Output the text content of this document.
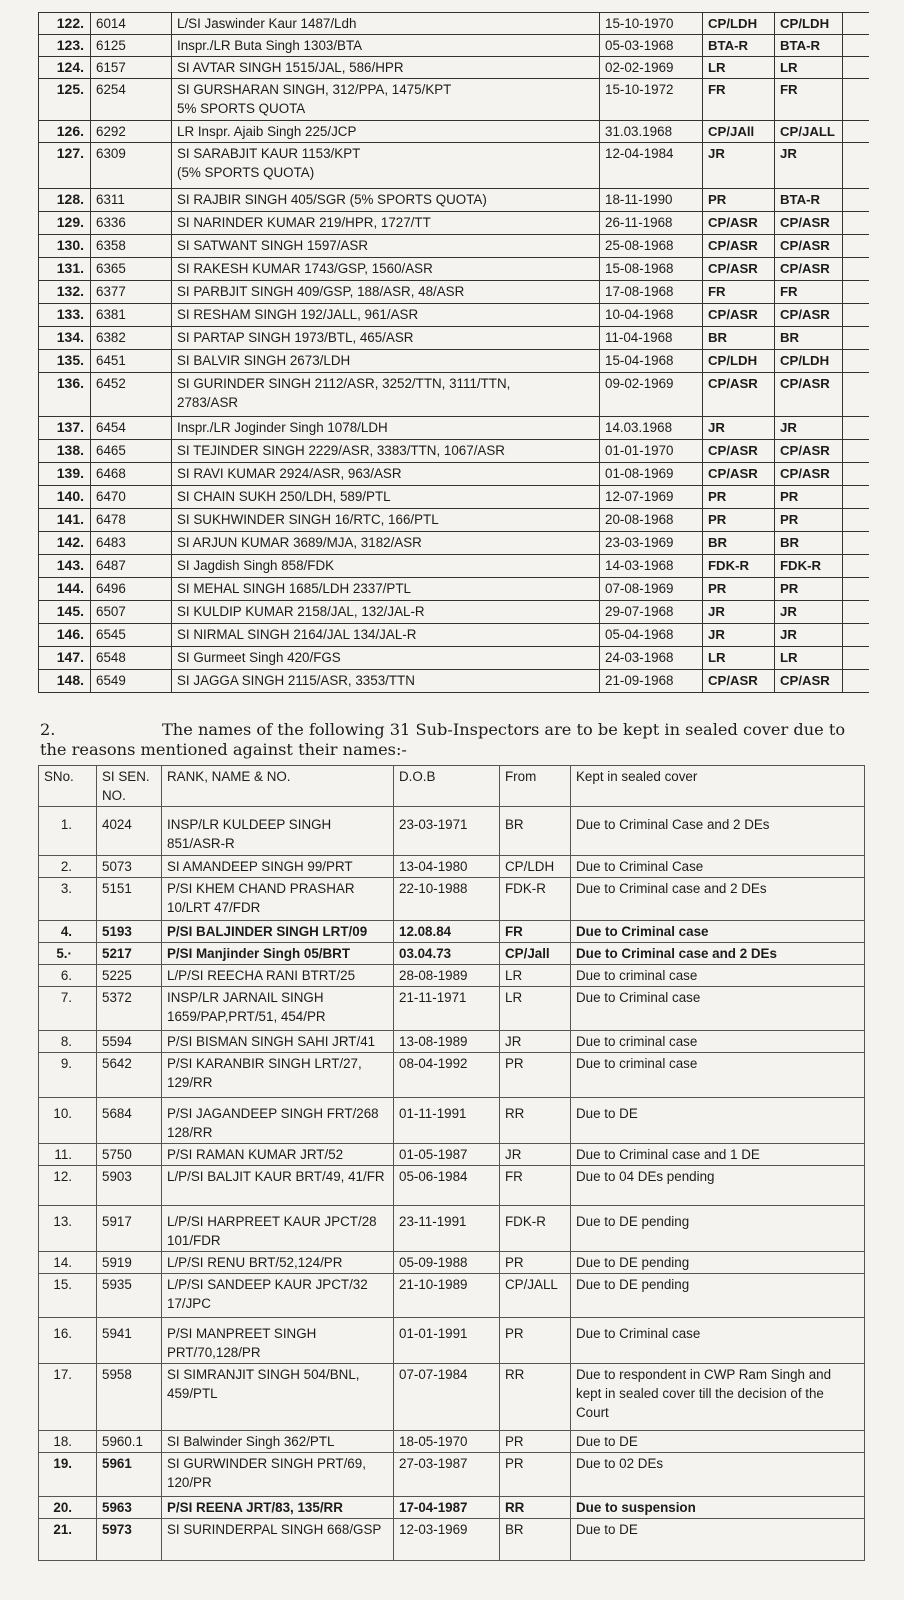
122.	6014	L/SI Jaswinder Kaur 1487/Ldh	15-10-1970	CP/LDH	CP/LDH	
123.	6125	Inspr./LR Buta Singh 1303/BTA	05-03-1968	BTA-R	BTA-R	
124.	6157	SI AVTAR SINGH 1515/JAL, 586/HPR	02-02-1969	LR	LR	
125.	6254	SI GURSHARAN SINGH, 312/PPA, 1475/KPT
5% SPORTS QUOTA	15-10-1972	FR	FR	
126.	6292	LR Inspr. Ajaib Singh 225/JCP	31.03.1968	CP/JAll	CP/JALL	
127.	6309	SI SARABJIT KAUR 1153/KPT
(5% SPORTS QUOTA)	12-04-1984	JR	JR	
128.	6311	SI RAJBIR SINGH 405/SGR (5% SPORTS QUOTA)	18-11-1990	PR	BTA-R	
129.	6336	SI NARINDER KUMAR 219/HPR, 1727/TT	26-11-1968	CP/ASR	CP/ASR	
130.	6358	SI SATWANT SINGH 1597/ASR	25-08-1968	CP/ASR	CP/ASR	
131.	6365	SI RAKESH KUMAR 1743/GSP, 1560/ASR	15-08-1968	CP/ASR	CP/ASR	
132.	6377	SI PARBJIT SINGH 409/GSP, 188/ASR, 48/ASR	17-08-1968	FR	FR	
133.	6381	SI RESHAM SINGH 192/JALL, 961/ASR	10-04-1968	CP/ASR	CP/ASR	
134.	6382	SI PARTAP SINGH 1973/BTL, 465/ASR	11-04-1968	BR	BR	
135.	6451	SI BALVIR SINGH 2673/LDH	15-04-1968	CP/LDH	CP/LDH	
136.	6452	SI GURINDER SINGH 2112/ASR, 3252/TTN, 3111/TTN,
2783/ASR	09-02-1969	CP/ASR	CP/ASR	
137.	6454	Inspr./LR Joginder Singh 1078/LDH	14.03.1968	JR	JR	
138.	6465	SI TEJINDER SINGH 2229/ASR, 3383/TTN, 1067/ASR	01-01-1970	CP/ASR	CP/ASR	
139.	6468	SI RAVI KUMAR 2924/ASR, 963/ASR	01-08-1969	CP/ASR	CP/ASR	
140.	6470	SI CHAIN SUKH 250/LDH, 589/PTL	12-07-1969	PR	PR	
141.	6478	SI SUKHWINDER SINGH 16/RTC, 166/PTL	20-08-1968	PR	PR	
142.	6483	SI ARJUN KUMAR 3689/MJA, 3182/ASR	23-03-1969	BR	BR	
143.	6487	SI Jagdish Singh 858/FDK	14-03-1968	FDK-R	FDK-R	
144.	6496	SI MEHAL SINGH 1685/LDH 2337/PTL	07-08-1969	PR	PR	
145.	6507	SI KULDIP KUMAR 2158/JAL, 132/JAL-R	29-07-1968	JR	JR	
146.	6545	SI NIRMAL SINGH 2164/JAL 134/JAL-R	05-04-1968	JR	JR	
147.	6548	SI Gurmeet Singh 420/FGS	24-03-1968	LR	LR	
148.	6549	SI JAGGA SINGH 2115/ASR, 3353/TTN	21-09-1968	CP/ASR	CP/ASR	
2.	The names of the following 31 Sub-Inspectors are to be kept in sealed cover due to
the reasons mentioned against their names:-
SNo.	SI SEN. NO.	RANK, NAME & NO.	D.O.B	From	Kept in sealed cover
1.	4024	INSP/LR KULDEEP SINGH 851/ASR-R	23-03-1971	BR	Due to Criminal Case and 2 DEs
2.	5073	SI AMANDEEP SINGH 99/PRT	13-04-1980	CP/LDH	Due to Criminal Case
3.	5151	P/SI KHEM CHAND PRASHAR 10/LRT 47/FDR	22-10-1988	FDK-R	Due to Criminal case and 2 DEs
4.	5193	P/SI BALJINDER SINGH LRT/09	12.08.84	FR	Due to Criminal case
5.·	5217	P/SI Manjinder Singh 05/BRT	03.04.73	CP/Jall	Due to Criminal case and 2 DEs
6.	5225	L/P/SI REECHA RANI BTRT/25	28-08-1989	LR	Due to criminal case
7.	5372	INSP/LR JARNAIL SINGH 1659/PAP,PRT/51, 454/PR	21-11-1971	LR	Due to Criminal case
8.	5594	P/SI BISMAN SINGH SAHI JRT/41	13-08-1989	JR	Due to criminal case
9.	5642	P/SI KARANBIR SINGH LRT/27, 129/RR	08-04-1992	PR	Due to criminal case
10.	5684	P/SI JAGANDEEP SINGH FRT/268 128/RR	01-11-1991	RR	Due to DE
11.	5750	P/SI RAMAN KUMAR JRT/52	01-05-1987	JR	Due to Criminal case and 1 DE
12.	5903	L/P/SI BALJIT KAUR BRT/49, 41/FR	05-06-1984	FR	Due to 04 DEs pending
13.	5917	L/P/SI HARPREET KAUR JPCT/28 101/FDR	23-11-1991	FDK-R	Due to DE pending
14.	5919	L/P/SI RENU BRT/52,124/PR	05-09-1988	PR	Due to DE pending
15.	5935	L/P/SI SANDEEP KAUR JPCT/32 17/JPC	21-10-1989	CP/JALL	Due to DE pending
16.	5941	P/SI MANPREET SINGH PRT/70,128/PR	01-01-1991	PR	Due to Criminal case
17.	5958	SI SIMRANJIT SINGH 504/BNL, 459/PTL	07-07-1984	RR	Due to respondent in CWP Ram Singh and kept in sealed cover till the decision of the Court
18.	5960.1	SI Balwinder Singh 362/PTL	18-05-1970	PR	Due to DE
19.	5961	SI GURWINDER SINGH PRT/69, 120/PR	27-03-1987	PR	Due to 02 DEs
20.	5963	P/SI REENA JRT/83, 135/RR	17-04-1987	RR	Due to suspension
21.	5973	SI SURINDERPAL SINGH 668/GSP	12-03-1969	BR	Due to DE
